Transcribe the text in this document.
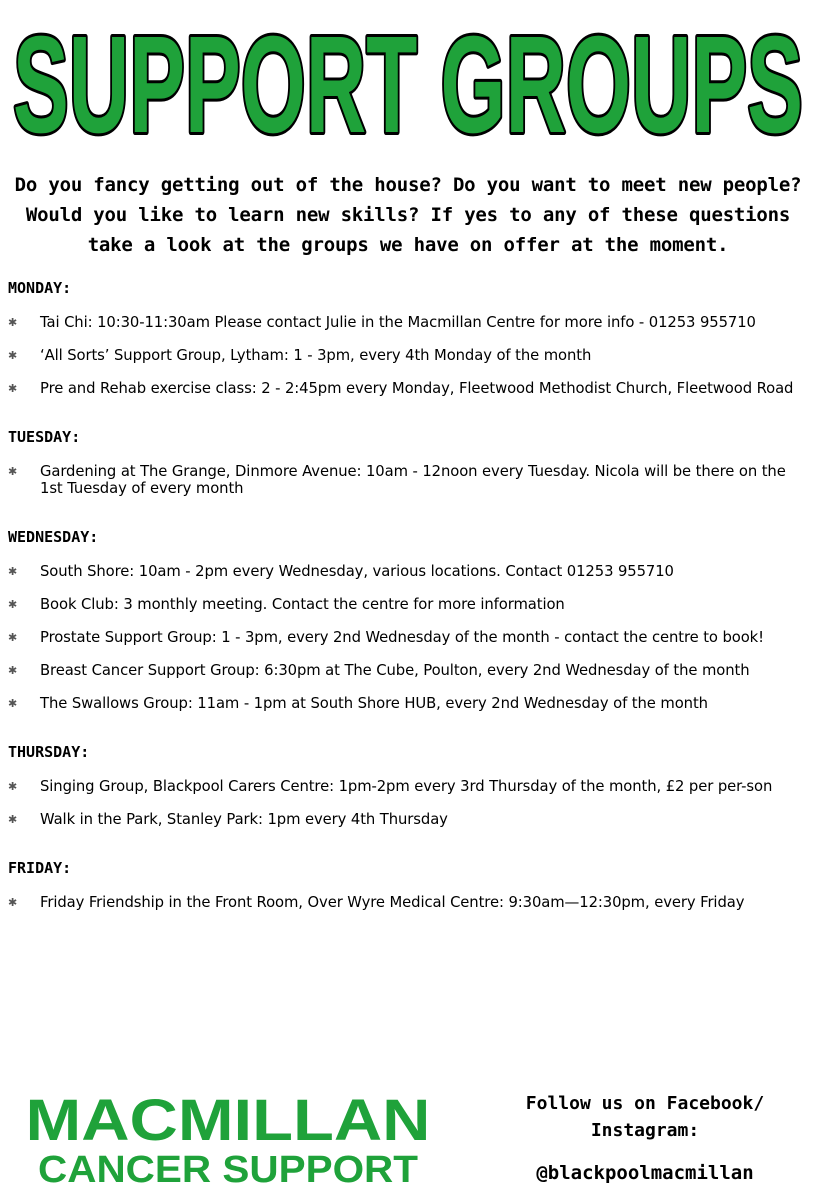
SUPPORT GROUPS
Do you fancy getting out of the house? Do you want to meet new people? Would you like to learn new skills? If yes to any of these questions take a look at the groups we have on offer at the moment.
MONDAY:
✱ Tai Chi: 10:30-11:30am Please contact Julie in the Macmillan Centre for more info - 01253 955710
✱ ‘All Sorts’ Support Group, Lytham: 1 - 3pm, every 4th Monday of the month
✱ Pre and Rehab exercise class: 2 - 2:45pm every Monday, Fleetwood Methodist Church, Fleetwood Road
TUESDAY:
✱ Gardening at The Grange, Dinmore Avenue: 10am - 12noon every Tuesday. Nicola will be there on the 1st Tuesday of every month
WEDNESDAY:
✱ South Shore: 10am - 2pm every Wednesday, various locations. Contact 01253 955710
✱ Book Club: 3 monthly meeting. Contact the centre for more information
✱ Prostate Support Group: 1 - 3pm, every 2nd Wednesday of the month - contact the centre to book!
✱ Breast Cancer Support Group: 6:30pm at The Cube, Poulton, every 2nd Wednesday of the month
✱ The Swallows Group: 11am - 1pm at South Shore HUB, every 2nd Wednesday of the month
THURSDAY:
✱ Singing Group, Blackpool Carers Centre: 1pm-2pm every 3rd Thursday of the month, £2 per per-son
✱ Walk in the Park, Stanley Park: 1pm every 4th Thursday
FRIDAY:
✱ Friday Friendship in the Front Room, Over Wyre Medical Centre: 9:30am—12:30pm, every Friday
MACMILLAN
CANCER SUPPORT
Follow us on Facebook/
Instagram:
@blackpoolmacmillan
